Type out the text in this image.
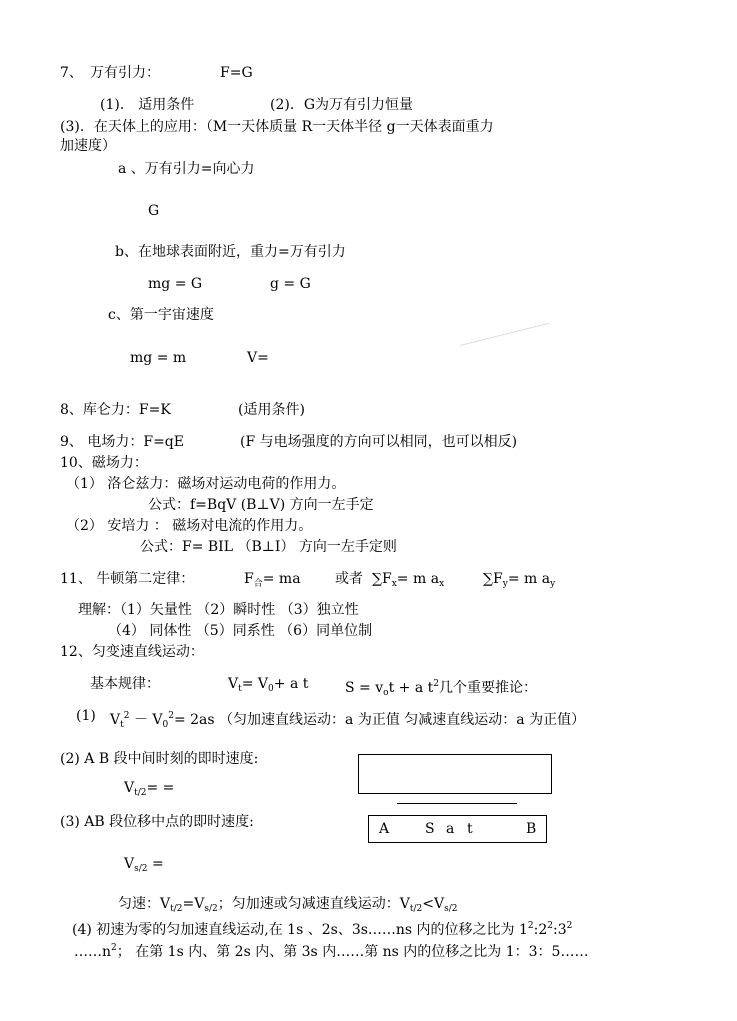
7、 万有引力：	F=G
(1)． 适用条件	(2)．G为万有引力恒量
(3)．在天体上的应用：（M一天体质量 R一天体半径 g一天体表面重力
加速度）
a 、万有引力=向心力
G
b、在地球表面附近，重力=万有引力
mg = G	g = G
c、第一宇宙速度
mg = m	V=
8、库仑力：F=K	(适用条件)
9、 电场力：F=qE	(F 与电场强度的方向可以相同，也可以相反)
10、磁场力：
（1） 洛仑兹力：磁场对运动电荷的作用力。
公式：f=BqV (B⊥V) 方向一左手定
（2） 安培力 ： 磁场对电流的作用力。
公式：F= BIL （B⊥I） 方向一左手定则
11、 牛顿第二定律：	$F_合=$ ma 或者 $\sum F_x= m$ $a_x$	$\sum F_y= m$ $a_y$
理解：（1）矢量性 （2）瞬时性 （3）独立性
（4） 同体性 （5）同系性 （6）同单位制
12、匀变速直线运动：
基本规律：	$V_t= V_0+ a$ t	$S = v_ot + a$ $t^2$几个重要推论：
(1) $V_t^2 - V_0^2= 2as$ （匀加速直线运动：a 为正值 匀减速直线运动：a 为正值）
(2) A B 段中间时刻的即时速度:
$V_{t/2}=$ =
(3) AB 段位移中点的即时速度:	A	S a t	B
$V_{s/2}$ =
匀速：$V_{t/2}=V_{s/2}$；匀加速或匀减速直线运动：$V_{t/2}<V_{s/2}$
(4) 初速为零的匀加速直线运动,在 1s 、2s、3s……ns 内的位移之比为 $1^2:2^2:3^2$
$\dots\dots n^2$； 在第 1s 内、第 2s 内、第 3s 内……第 ns 内的位移之比为 1：3：5……
